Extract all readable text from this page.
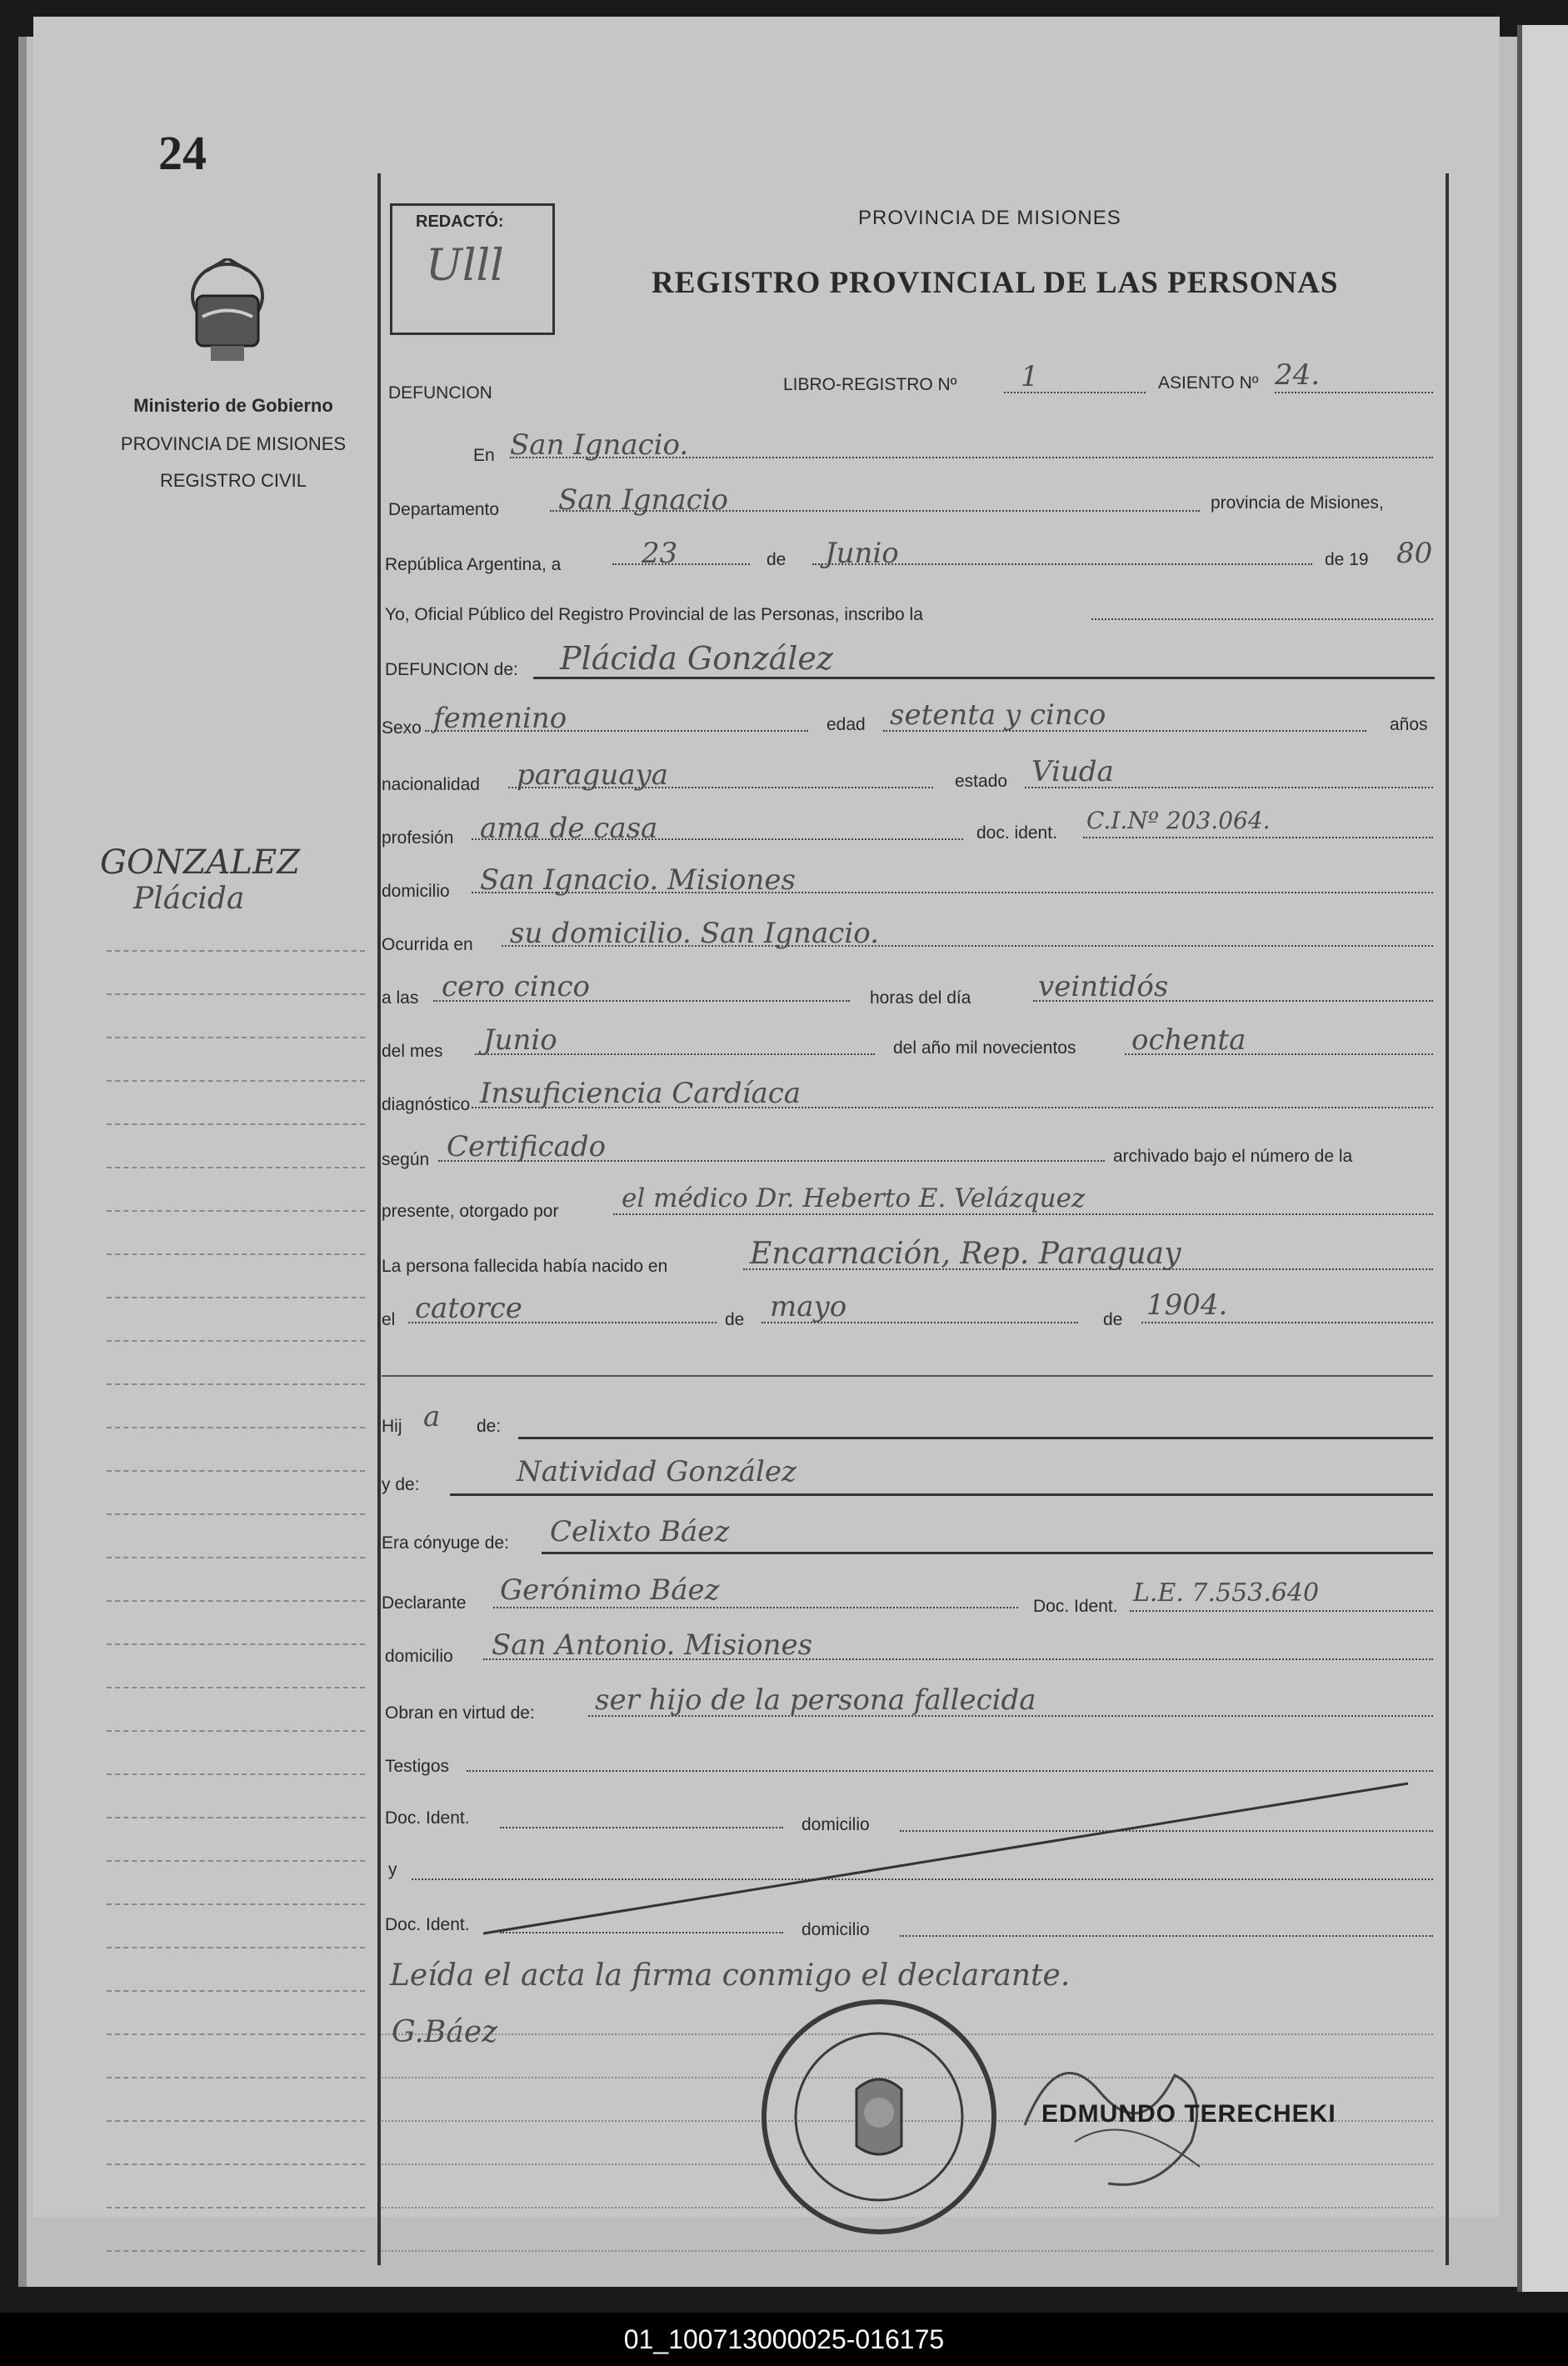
24
Ministerio de Gobierno
PROVINCIA DE MISIONES
REGISTRO CIVIL
GONZALEZ
Plácida
REDACTÓ:
Ulll
PROVINCIA DE MISIONES
REGISTRO PROVINCIAL DE LAS PERSONAS
DEFUNCION	LIBRO-REGISTRO Nº 1	ASIENTO Nº 24.
En San Ignacio.
Departamento San Ignacio	provincia de Misiones,
República Argentina, a	23	de Junio	de 19 80
Yo, Oficial Público del Registro Provincial de las Personas, inscribo la
DEFUNCION de: Plácida González
Sexo femenino	edad setenta y cinco	años
nacionalidad paraguaya	estado Viuda
profesión ama de casa	doc. ident. C.I.Nº 203.064.
domicilio San Ignacio. Misiones
Ocurrida en su domicilio. San Ignacio.
a las cero cinco	horas del día veintidós
del mes Junio	del año mil novecientos ochenta
diagnóstico Insuficiencia Cardíaca
según Certificado	archivado bajo el número de la
presente, otorgado por el médico Dr. Heberto E. Velázquez
La persona fallecida había nacido en	Encarnación, Rep. Paraguay
el catorce	de mayo	de 1904.
Hij a de:
y de:	Natividad González
Era cónyuge de: Celixto Báez
Declarante Gerónimo Báez	Doc. Ident. L.E. 7.553.640
domicilio San Antonio. Misiones
Obran en virtud de: ser hijo de la persona fallecida
Testigos
Doc. Ident.	domicilio
y
Doc. Ident.	domicilio
Leída el acta la firma conmigo el declarante.
G.Báez
EDMUNDO TERECHEKI
01_100713000025-016175
